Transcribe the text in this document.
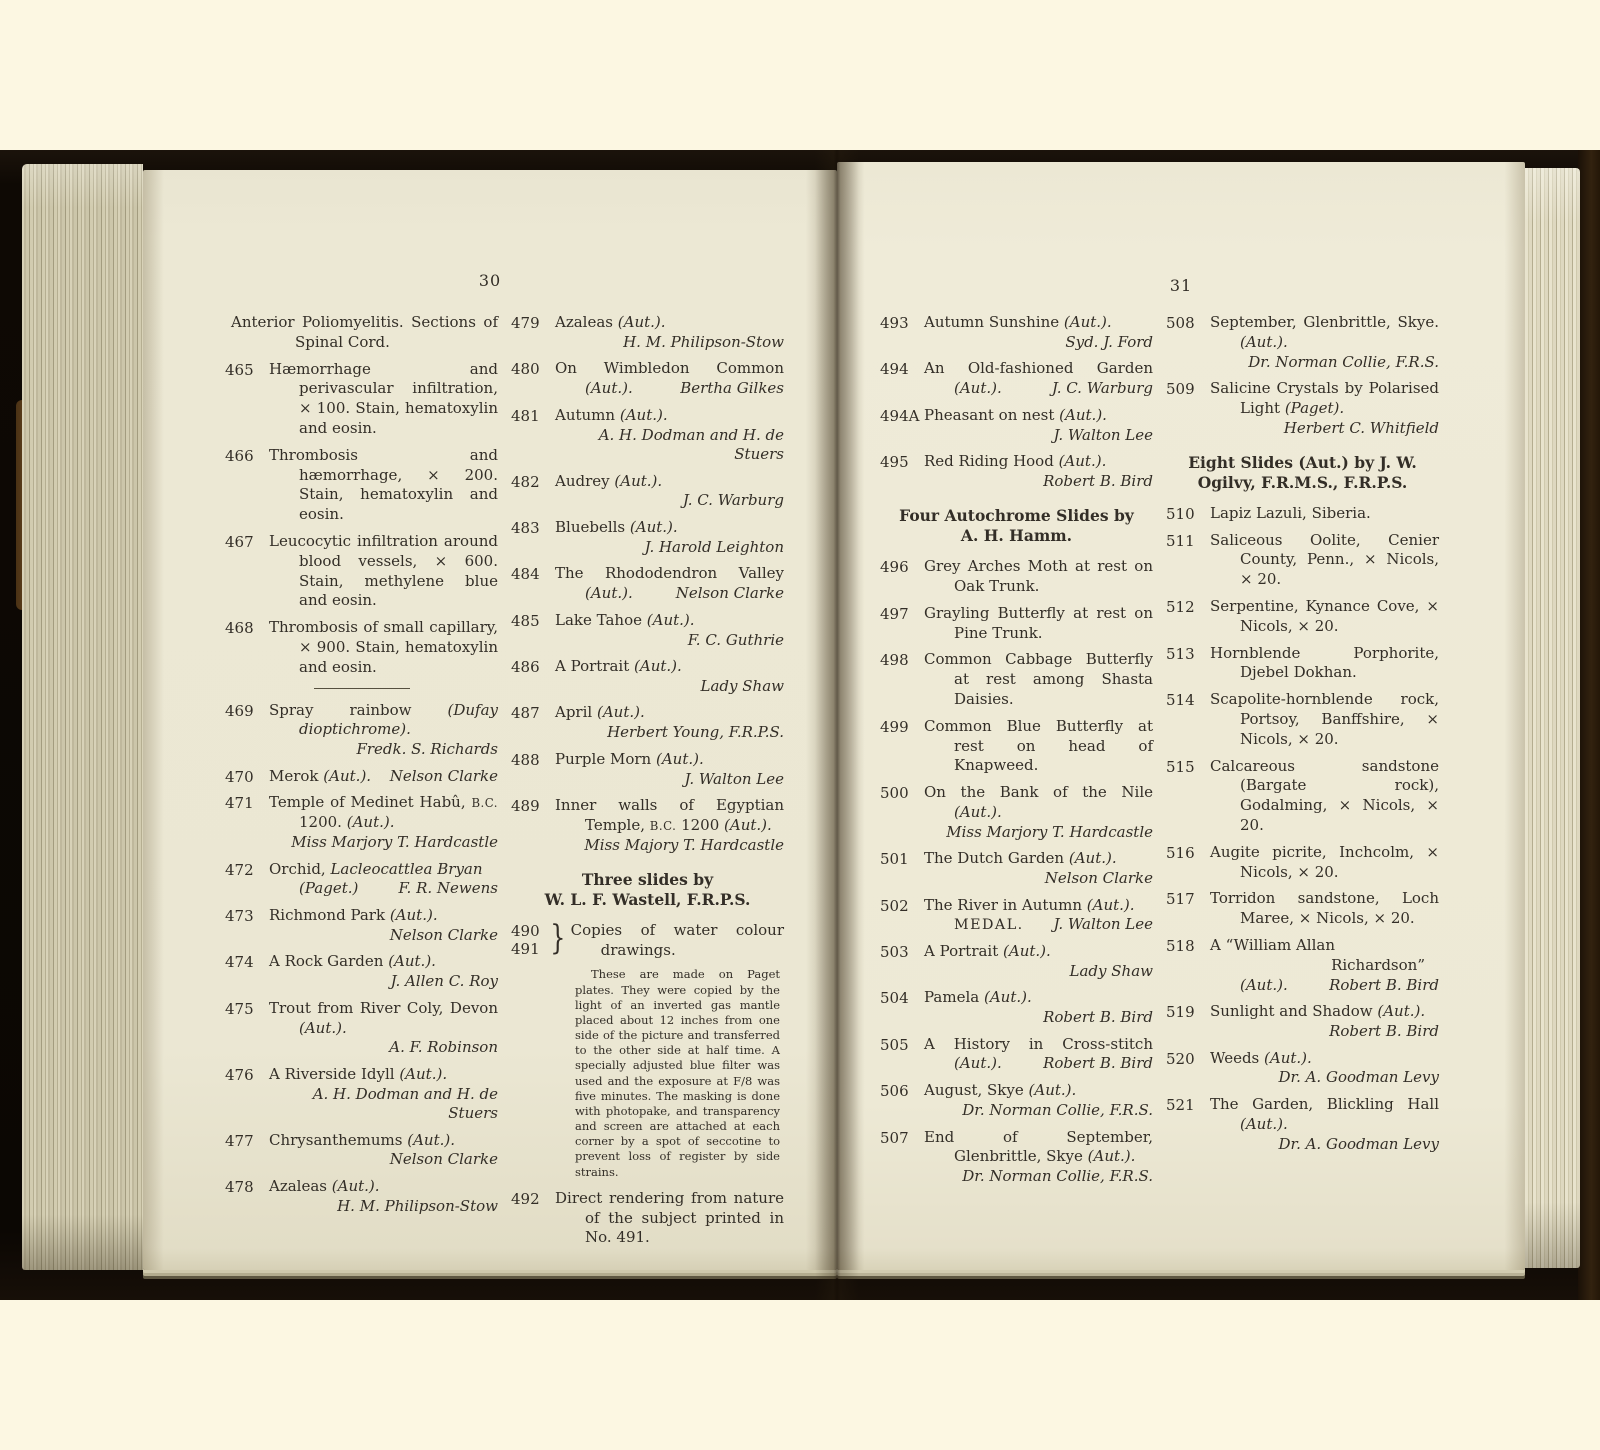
30

Anterior Poliomyelitis. Sections of Spinal Cord.

465	Hæmorrhage and perivascular infiltration, × 100. Stain, hematoxylin and eosin.

466	Thrombosis and hæmorrhage, × 200. Stain, hematoxylin and eosin.

467	Leucocytic infiltration around blood vessels, × 600. Stain, methylene blue and eosin.

468	Thrombosis of small capillary, × 900. Stain, hematoxylin and eosin.

469	Spray rainbow (Dufay dioptichrome).

Fredk. S. Richards

470	Merok (Aut.). Nelson Clarke

471	Temple of Medinet Habû, B.C. 1200. (Aut.).

Miss Marjory T. Hardcastle

472	Orchid, Lacleocattlea Bryan
(Paget.)	F. R. Newens

473	Richmond Park (Aut.).

Nelson Clarke

474	A Rock Garden (Aut.).

J. Allen C. Roy

475	Trout from River Coly, Devon (Aut.).

A. F. Robinson

476	A Riverside Idyll (Aut.).

A. H. Dodman and H. de Stuers

477	Chrysanthemums (Aut.).

Nelson Clarke

478	Azaleas (Aut.).

H. M. Philipson-Stow

479	Azaleas (Aut.).

H. M. Philipson-Stow

480	On Wimbledon Common (Aut.).	Bertha Gilkes

481	Autumn (Aut.).

A. H. Dodman and H. de Stuers

482	Audrey (Aut.).

J. C. Warburg

483	Bluebells (Aut.).

J. Harold Leighton

484	The Rhododendron Valley (Aut.).	Nelson Clarke

485	Lake Tahoe (Aut.).

F. C. Guthrie

486	A Portrait (Aut.).

Lady Shaw

487	April (Aut.).

Herbert Young, F.R.P.S.

488	Purple Morn (Aut.).

J. Walton Lee

489	Inner walls of Egyptian Temple, B.C. 1200 (Aut.).

Miss Majory T. Hardcastle

Three slides by
W. L. F. Wastell, F.R.P.S.
490
491 } Copies of water colour drawings.

These are made on Paget plates. They were copied by the light of an inverted gas mantle placed about 12 inches from one side of the picture and transferred to the other side at half time. A specially adjusted blue filter was used and the exposure at F/8 was five minutes. The masking is done with photopake, and transparency and screen are attached at each corner by a spot of seccotine to prevent loss of register by side strains.

492	Direct rendering from nature of the subject printed in No. 491.

31
493	Autumn Sunshine (Aut.).

Syd. J. Ford

494	An Old-fashioned Garden (Aut.).	J. C. Warburg

494A Pheasant on nest (Aut.).

J. Walton Lee

495	Red Riding Hood (Aut.).

Robert B. Bird

Four Autochrome Slides by
A. H. Hamm.
496	Grey Arches Moth at rest on Oak Trunk.

497	Grayling Butterfly at rest on Pine Trunk.

498	Common Cabbage Butterfly at rest among Shasta Daisies.

499	Common Blue Butterfly at rest on head of Knapweed.

500	On the Bank of the Nile (Aut.).

Miss Marjory T. Hardcastle

501	The Dutch Garden (Aut.).

Nelson Clarke

502	The River in Autumn (Aut.).
MEDAL. J. Walton Lee

503	A Portrait (Aut.).

Lady Shaw

504	Pamela (Aut.).

Robert B. Bird

505	A History in Cross-stitch (Aut.).	Robert B. Bird

506	August, Skye (Aut.).

Dr. Norman Collie, F.R.S.

507	End of September, Glenbrittle, Skye (Aut.).

Dr. Norman Collie, F.R.S.

508	September, Glenbrittle, Skye. (Aut.).

Dr. Norman Collie, F.R.S.

509	Salicine Crystals by Polarised Light (Paget).

Herbert C. Whitfield

Eight Slides (Aut.) by J. W.
Ogilvy, F.R.M.S., F.R.P.S.
510	Lapiz Lazuli, Siberia.

511	Saliceous Oolite, Cenier County, Penn., × Nicols, × 20.

512	Serpentine, Kynance Cove, × Nicols, × 20.

513	Hornblende Porphorite, Djebel Dokhan.

514	Scapolite-hornblende rock, Portsoy, Banffshire, × Nicols, × 20.

515	Calcareous sandstone (Bargate rock), Godalming, × Nicols, × 20.

516	Augite picrite, Inchcolm, × Nicols, × 20.

517	Torridon sandstone, Loch Maree, × Nicols, × 20.

518	A “William Allan
Richardson”
(Aut.).	Robert B. Bird

519	Sunlight and Shadow (Aut.).

Robert B. Bird

520	Weeds (Aut.).

Dr. A. Goodman Levy

521	The Garden, Blickling Hall (Aut.).

Dr. A. Goodman Levy
